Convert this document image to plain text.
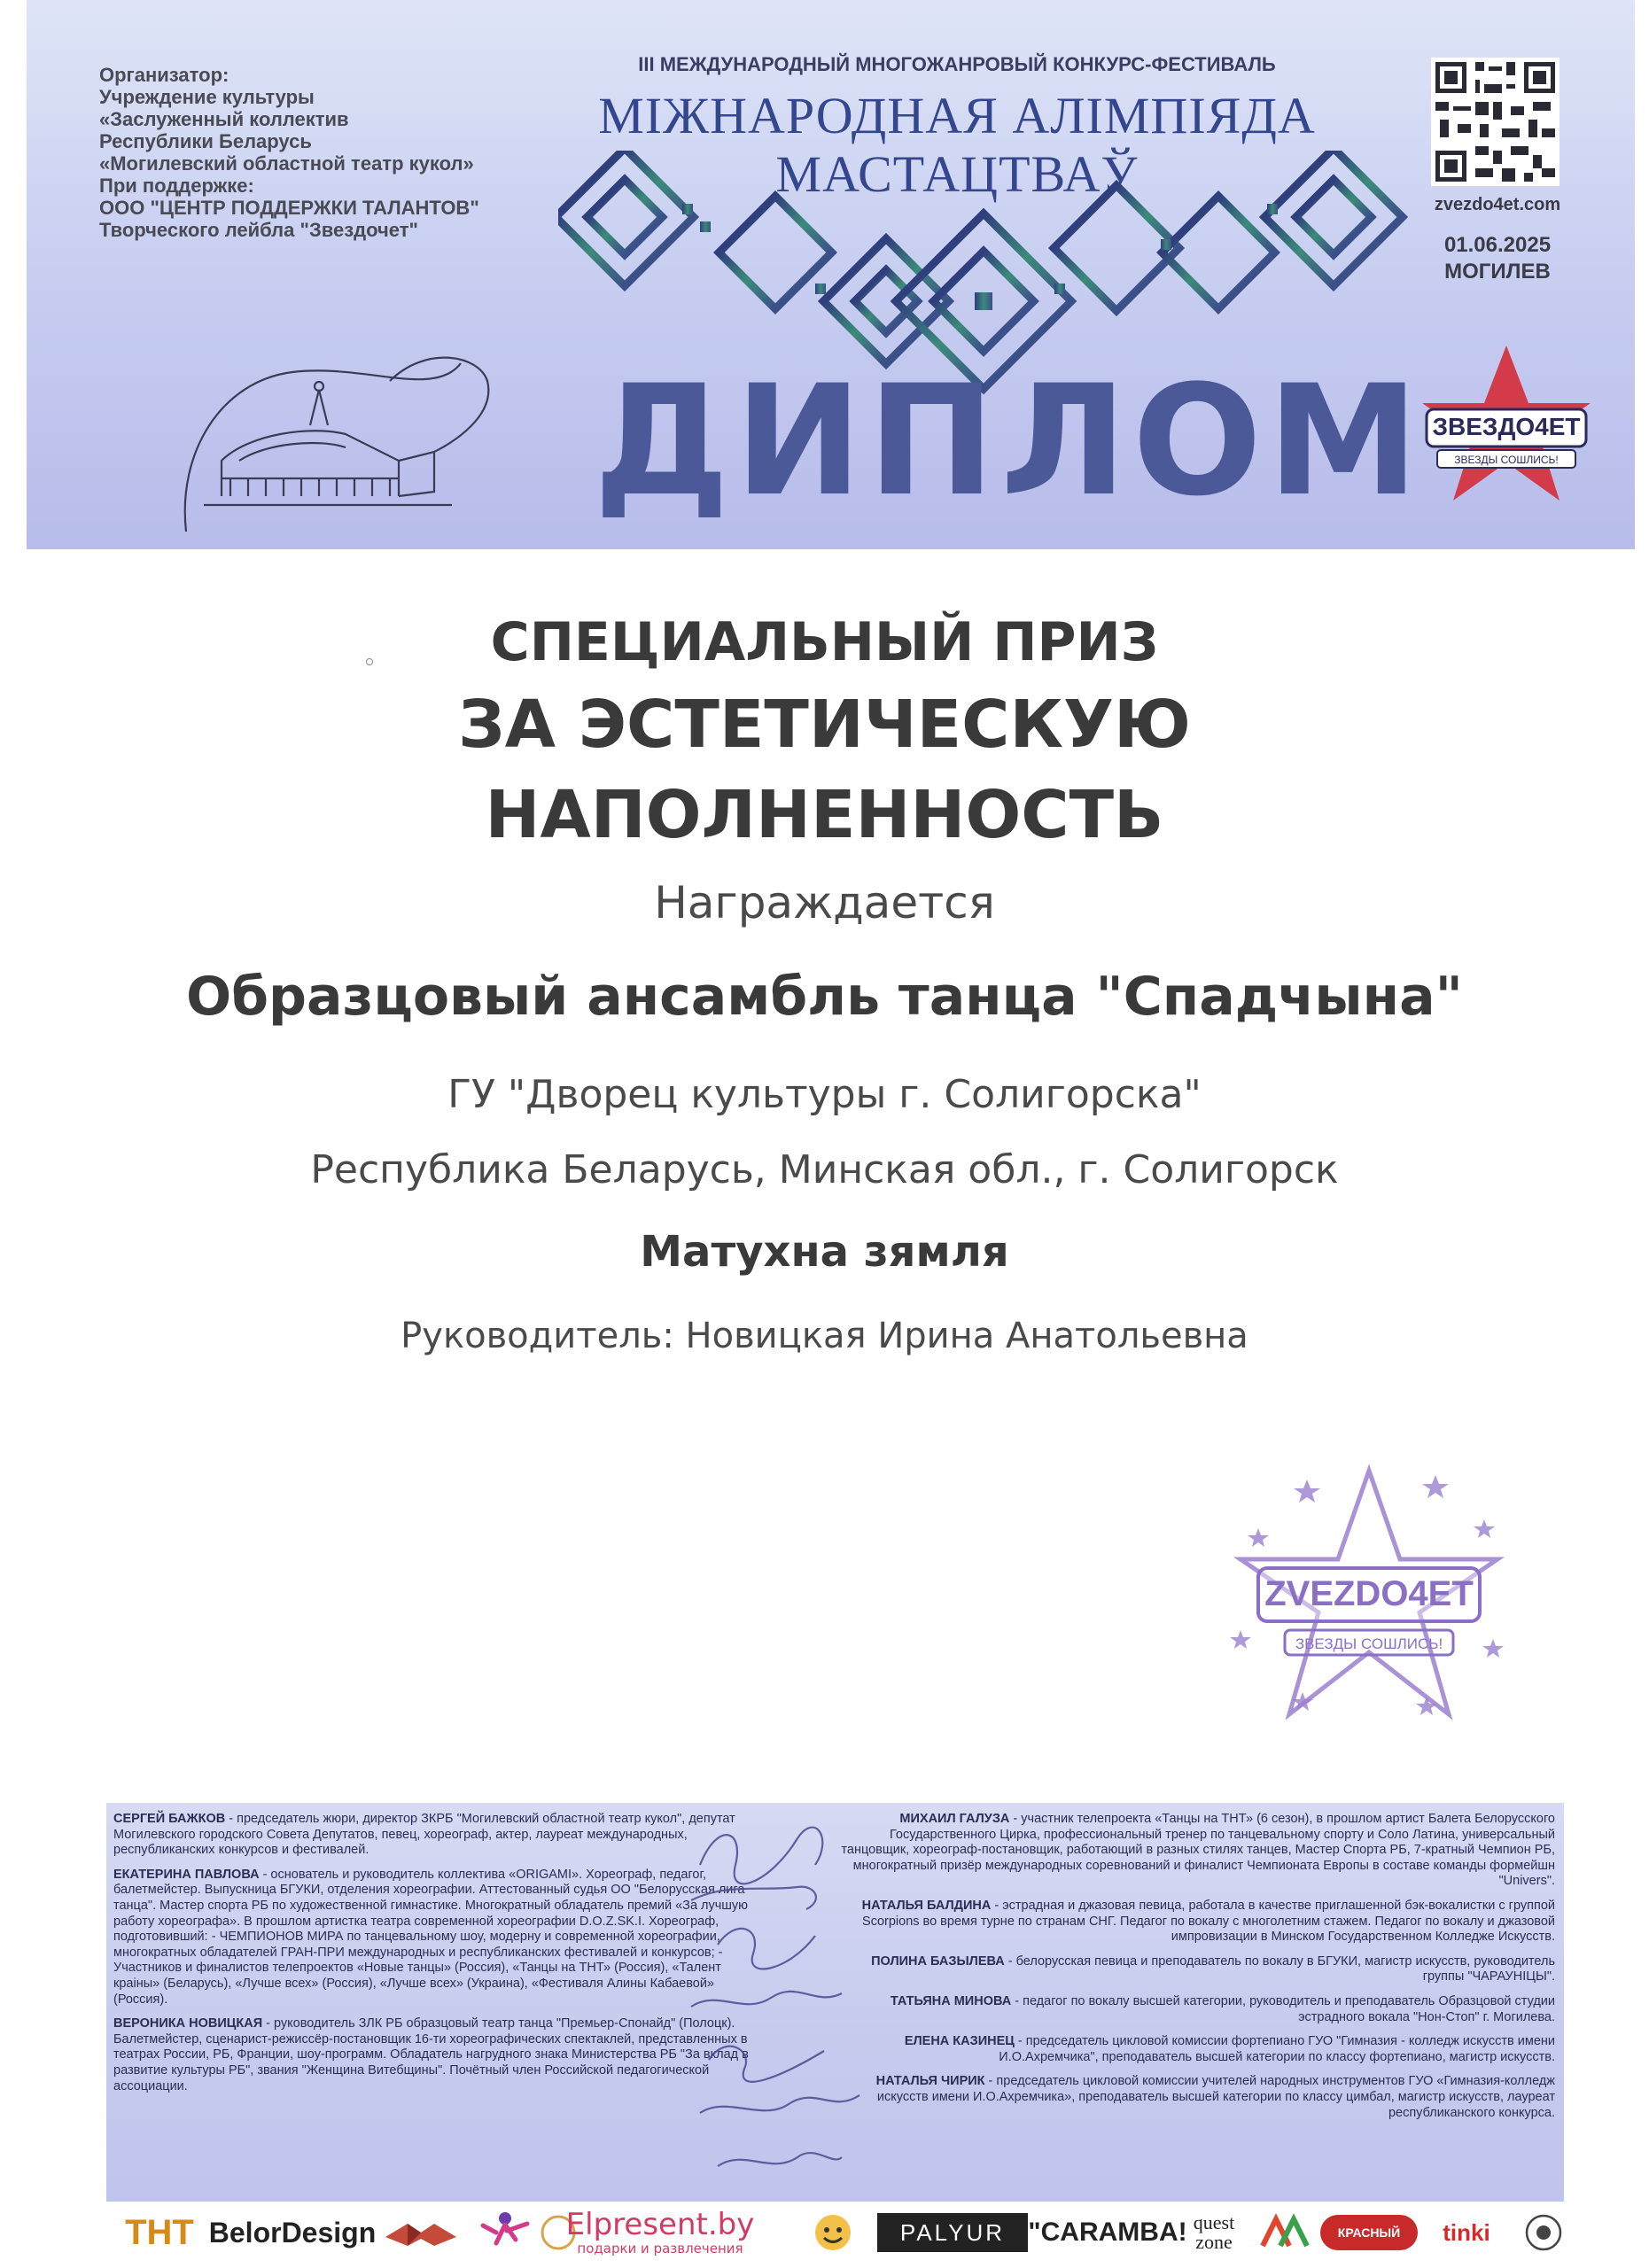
Организатор:
Учреждение культуры
«Заслуженный коллектив
Республики Беларусь
«Могилевский областной театр кукол»
При поддержке:
ООО "ЦЕНТР ПОДДЕРЖКИ ТАЛАНТОВ"
Творческого лейбла "Звездочет"
III МЕЖДУНАРОДНЫЙ МНОГОЖАНРОВЫЙ КОНКУРС-ФЕСТИВАЛЬ
МІЖНАРОДНАЯ АЛІМПІЯДА
МАСТАЦТВАЎ
zvezdo4et.com
01.06.2025
МОГИЛЕВ
ДИПЛОМ ЗВЕЗДО4ЕТ
ЗВЕЗДЫ СОШЛИСЬ!
СПЕЦИАЛЬНЫЙ ПРИЗ
ЗА ЭСТЕТИЧЕСКУЮ
НАПОЛНЕННОСТЬ
Награждается
Образцовый ансамбль танца "Спадчына"
ГУ "Дворец культуры г. Солигорска"
Республика Беларусь, Минская обл., г. Солигорск
Матухна зямля
Руководитель: Новицкая Ирина Анатольевна
ZVEZDO4ET
ЗВЕЗДЫ СОШЛИСЬ!
СЕРГЕЙ БАЖКОВ - председатель жюри, директор ЗКРБ "Могилевский областной театр кукол", депутат Могилевского городского Совета Депутатов, певец, хореограф, актер, лауреат международных, республиканских конкурсов и фестивалей.
ЕКАТЕРИНА ПАВЛОВА - основатель и руководитель коллектива «ORIGAMI». Хореограф, педагог, балетмейстер. Выпускница БГУКИ, отделения хореографии. Аттестованный судья ОО "Белорусская лига танца". Мастер спорта РБ по художественной гимнастике. Многократный обладатель премий «За лучшую работу хореографа». В прошлом артистка театра современной хореографии D.O.Z.SK.I. Хореограф, подготовивший: - ЧЕМПИОНОВ МИРА по танцевальному шоу, модерну и современной хореографии, многократных обладателей ГРАН-ПРИ международных и республиканских фестивалей и конкурсов; - Участников и финалистов телепроектов «Новые танцы» (Россия), «Танцы на ТНТ» (Россия), «Талент краіны» (Беларусь), «Лучше всех» (Россия), «Лучше всех» (Украина), «Фестиваля Алины Кабаевой» (Россия).
ВЕРОНИКА НОВИЦКАЯ - руководитель ЗЛК РБ образцовый театр танца "Премьер-Спонайд" (Полоцк). Балетмейстер, сценарист-режиссёр-постановщик 16-ти хореографических спектаклей, представленных в театрах России, РБ, Франции, шоу-программ. Обладатель нагрудного знака Министерства РБ "За вклад в развитие культуры РБ", звания "Женщина Витебщины". Почётный член Российской педагогической ассоциации.
МИХАИЛ ГАЛУЗА - участник телепроекта «Танцы на ТНТ» (6 сезон), в прошлом артист Балета Белорусского Государственного Цирка, профессиональный тренер по танцевальному спорту и Соло Латина, универсальный танцовщик, хореограф-постановщик, работающий в разных стилях танцев, Мастер Спорта РБ, 7-кратный Чемпион РБ, многократный призёр международных соревнований и финалист Чемпионата Европы в составе команды формейшн "Univers".
НАТАЛЬЯ БАЛДИНА - эстрадная и джазовая певица, работала в качестве приглашенной бэк-вокалистки с группой Scorpions во время турне по странам СНГ. Педагог по вокалу с многолетним стажем. Педагог по вокалу и джазовой импровизации в Минском Государственном Колледже Искусств.
ПОЛИНА БАЗЫЛЕВА - белорусская певица и преподаватель по вокалу в БГУКИ, магистр искусств, руководитель группы "ЧАРАУНІЦЫ".
ТАТЬЯНА МИНОВА - педагог по вокалу высшей категории, руководитель и преподаватель Образцовой студии эстрадного вокала "Нон-Стоп" г. Могилева.
ЕЛЕНА КАЗИНЕЦ - председатель цикловой комиссии фортепиано ГУО "Гимназия - колледж искусств имени И.О.Ахремчика", преподаватель высшей категории по классу фортепиано, магистр искусств.
НАТАЛЬЯ ЧИРИК - председатель цикловой комиссии учителей народных инструментов ГУО «Гимназия-колледж искусств имени И.О.Ахремчика», преподаватель высшей категории по классу цимбал, магистр искусств, лауреат республиканского конкурса.
ТНТ BelorDesign	Elpresent.by
подарки и развлечения
PALYUR "CARAMBA! quest
zone	КРАСНЫЙ	tinki
